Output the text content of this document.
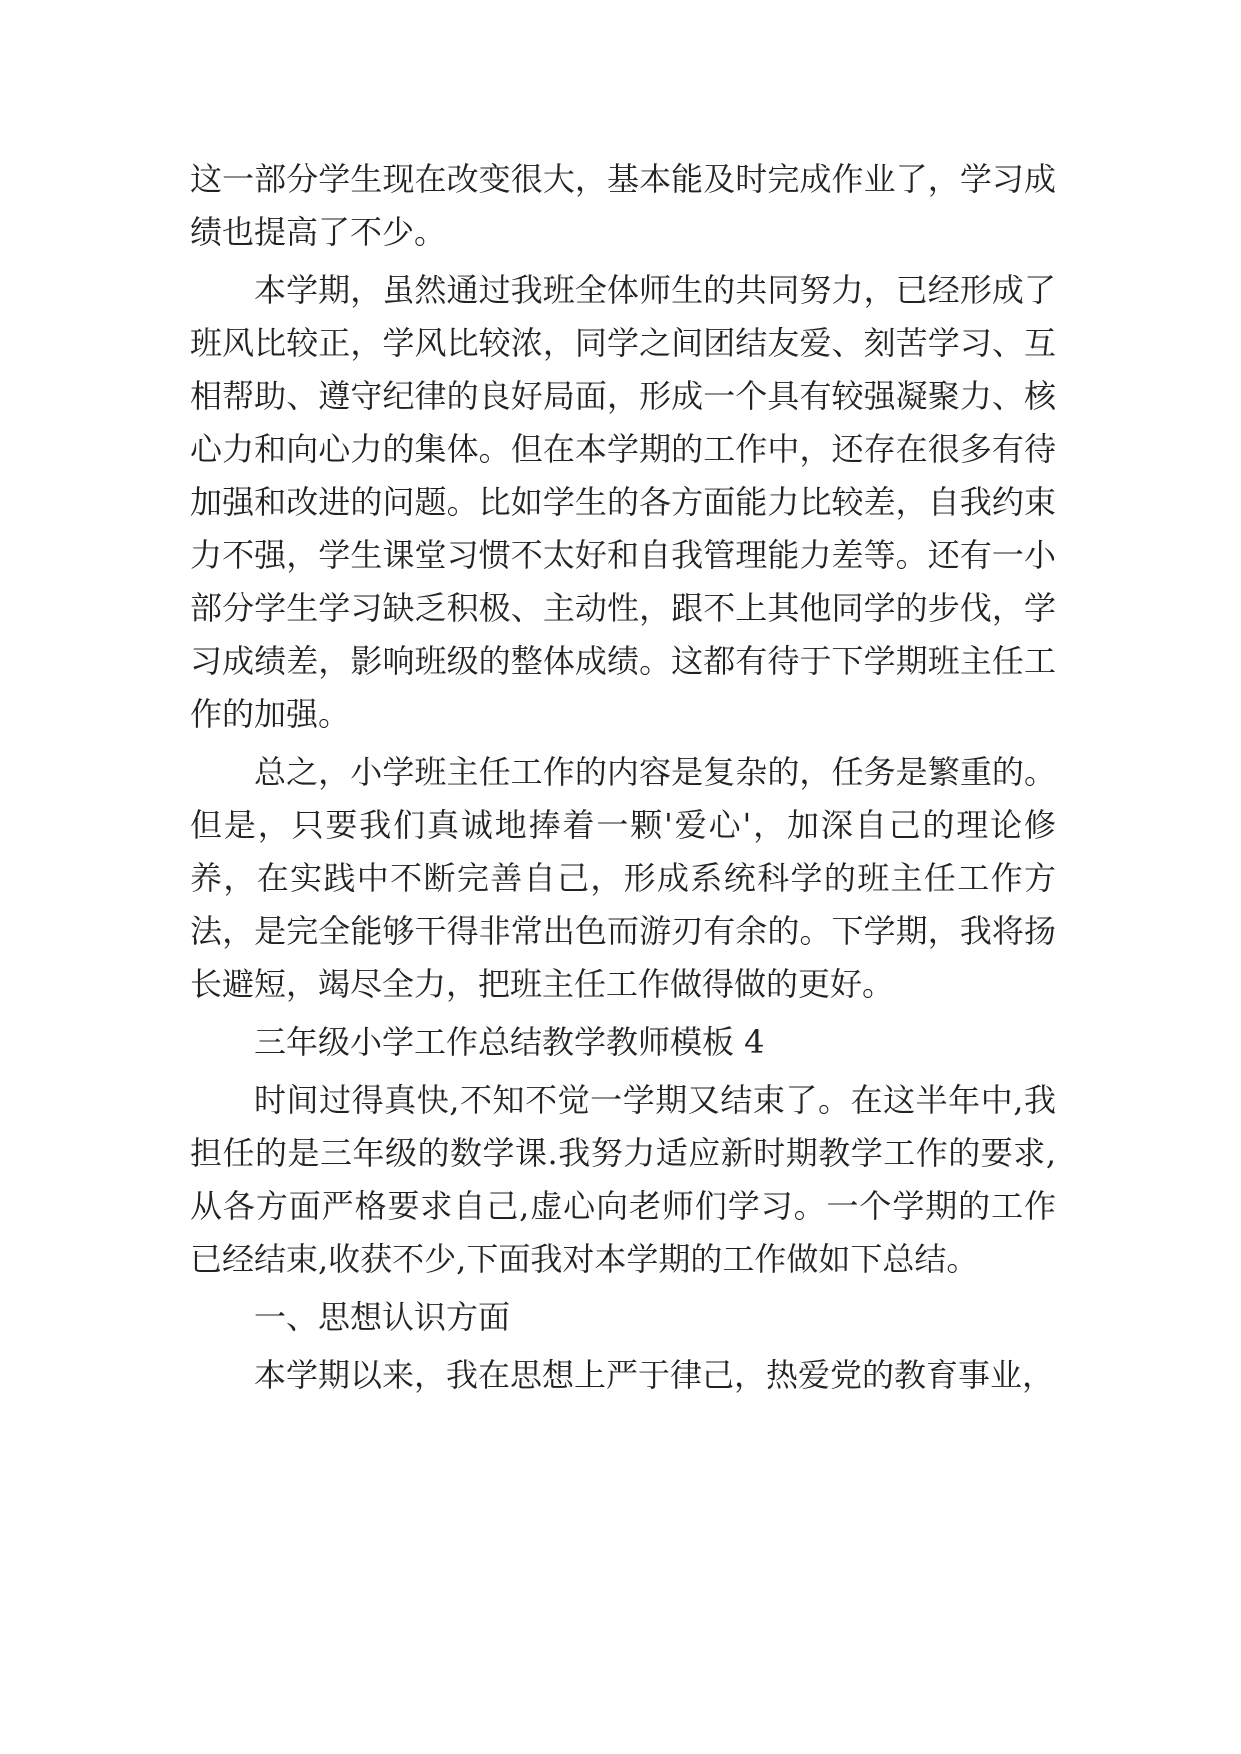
这一部分学生现在改变很大，基本能及时完成作业了，学习成绩也提高了不少。

本学期，虽然通过我班全体师生的共同努力，已经形成了班风比较正，学风比较浓，同学之间团结友爱、刻苦学习、互相帮助、遵守纪律的良好局面，形成一个具有较强凝聚力、核心力和向心力的集体。但在本学期的工作中，还存在很多有待加强和改进的问题。比如学生的各方面能力比较差，自我约束力不强，学生课堂习惯不太好和自我管理能力差等。还有一小部分学生学习缺乏积极、主动性，跟不上其他同学的步伐，学习成绩差，影响班级的整体成绩。这都有待于下学期班主任工作的加强。

总之，小学班主任工作的内容是复杂的，任务是繁重的。但是，只要我们真诚地捧着一颗'爱心'，加深自己的理论修养，在实践中不断完善自己，形成系统科学的班主任工作方法，是完全能够干得非常出色而游刃有余的。下学期，我将扬长避短，竭尽全力，把班主任工作做得做的更好。

三年级小学工作总结教学教师模板 4

时间过得真快,不知不觉一学期又结束了。在这半年中,我担任的是三年级的数学课.我努力适应新时期教学工作的要求,从各方面严格要求自己,虚心向老师们学习。一个学期的工作已经结束,收获不少,下面我对本学期的工作做如下总结。

一、思想认识方面

本学期以来，我在思想上严于律己，热爱党的教育事业，
